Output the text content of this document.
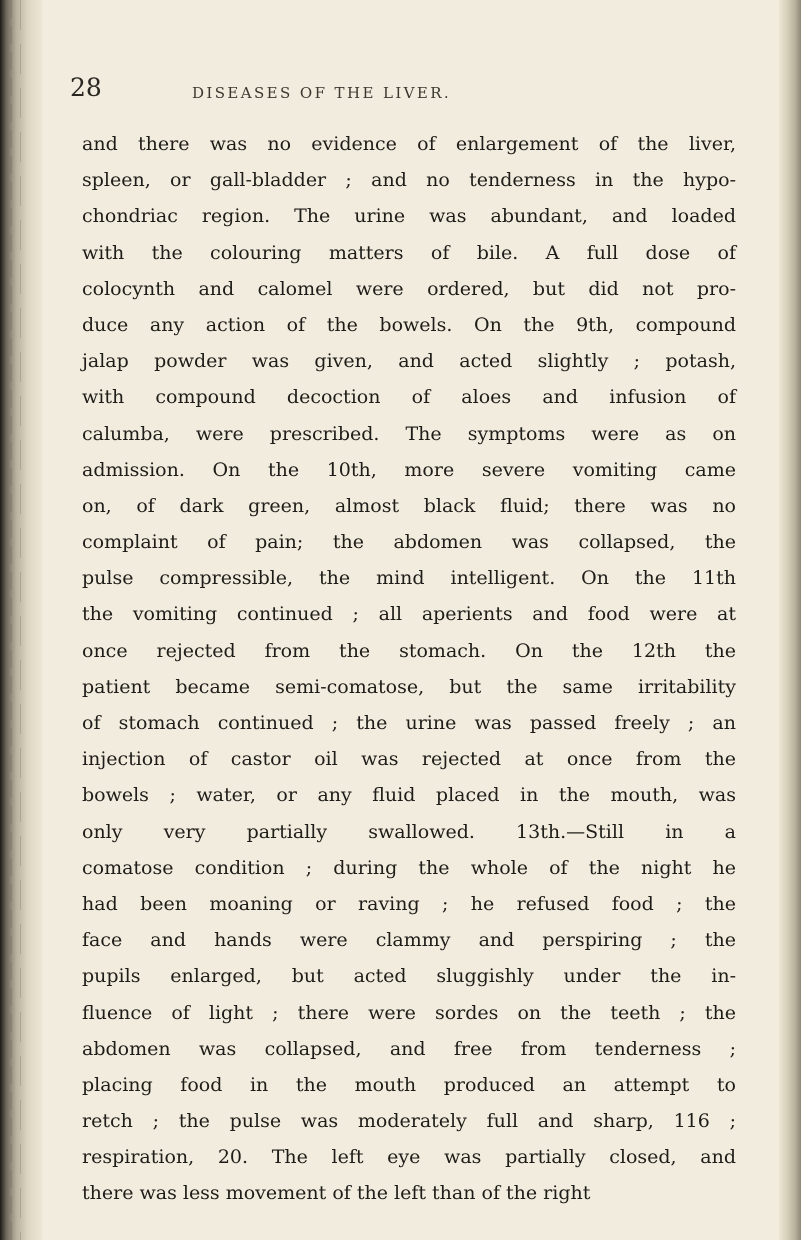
28	DISEASES OF THE LIVER.
and there was no evidence of enlargement of the liver,
spleen, or gall-bladder ; and no tenderness in the hypo-
chondriac region. The urine was abundant, and loaded
with the colouring matters of bile. A full dose of
colocynth and calomel were ordered, but did not pro-
duce any action of the bowels. On the 9th, compound
jalap powder was given, and acted slightly ; potash,
with compound decoction of aloes and infusion of
calumba, were prescribed. The symptoms were as on
admission. On the 10th, more severe vomiting came
on, of dark green, almost black fluid; there was no
complaint of pain; the abdomen was collapsed, the
pulse compressible, the mind intelligent. On the 11th
the vomiting continued ; all aperients and food were at
once rejected from the stomach. On the 12th the
patient became semi-comatose, but the same irritability
of stomach continued ; the urine was passed freely ; an
injection of castor oil was rejected at once from the
bowels ; water, or any fluid placed in the mouth, was
only very partially swallowed. 13th.—Still in a
comatose condition ; during the whole of the night he
had been moaning or raving ; he refused food ; the
face and hands were clammy and perspiring ; the
pupils enlarged, but acted sluggishly under the in-
fluence of light ; there were sordes on the teeth ; the
abdomen was collapsed, and free from tenderness ;
placing food in the mouth produced an attempt to
retch ; the pulse was moderately full and sharp, 116 ;
respiration, 20. The left eye was partially closed, and
there was less movement of the left than of the right
